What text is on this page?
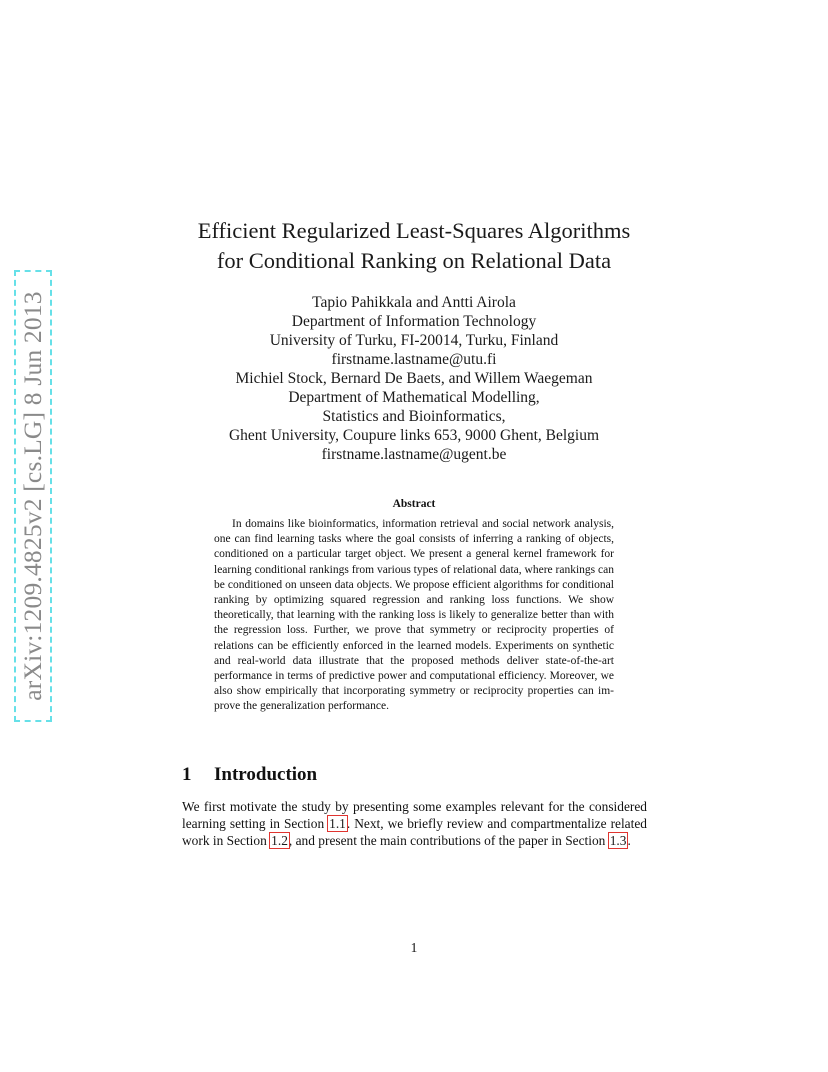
arXiv:1209.4825v2 [cs.LG] 8 Jun 2013
Efficient Regularized Least-Squares Algorithms
for Conditional Ranking on Relational Data
Tapio Pahikkala and Antti Airola
Department of Information Technology
University of Turku, FI-20014, Turku, Finland
firstname.lastname@utu.fi
Michiel Stock, Bernard De Baets, and Willem Waegeman
Department of Mathematical Modelling,
Statistics and Bioinformatics,
Ghent University, Coupure links 653, 9000 Ghent, Belgium
firstname.lastname@ugent.be
Abstract
In domains like bioinformatics, information retrieval and social network analysis, one can find learning tasks where the goal consists of inferring a ranking of objects, conditioned on a particular target object. We present a general kernel framework for learning conditional rankings from various types of relational data, where rankings can be conditioned on unseen data objects. We propose efficient algorithms for conditional ranking by optimizing squared regression and ranking loss functions. We show theoretically, that learning with the ranking loss is likely to generalize better than with the regression loss. Further, we prove that symmetry or reciprocity properties of relations can be efficiently enforced in the learned models. Experiments on synthetic and real-world data illustrate that the proposed methods deliver state-of-the-art performance in terms of predictive power and computational efficiency. Moreover, we also show empirically that incorporating symmetry or reciprocity properties can improve the generalization performance.
1 Introduction
We first motivate the study by presenting some examples relevant for the considered learning setting in Section 1.1. Next, we briefly review and compartmentalize related work in Section 1.2, and present the main contributions of the paper in Section 1.3.
1
